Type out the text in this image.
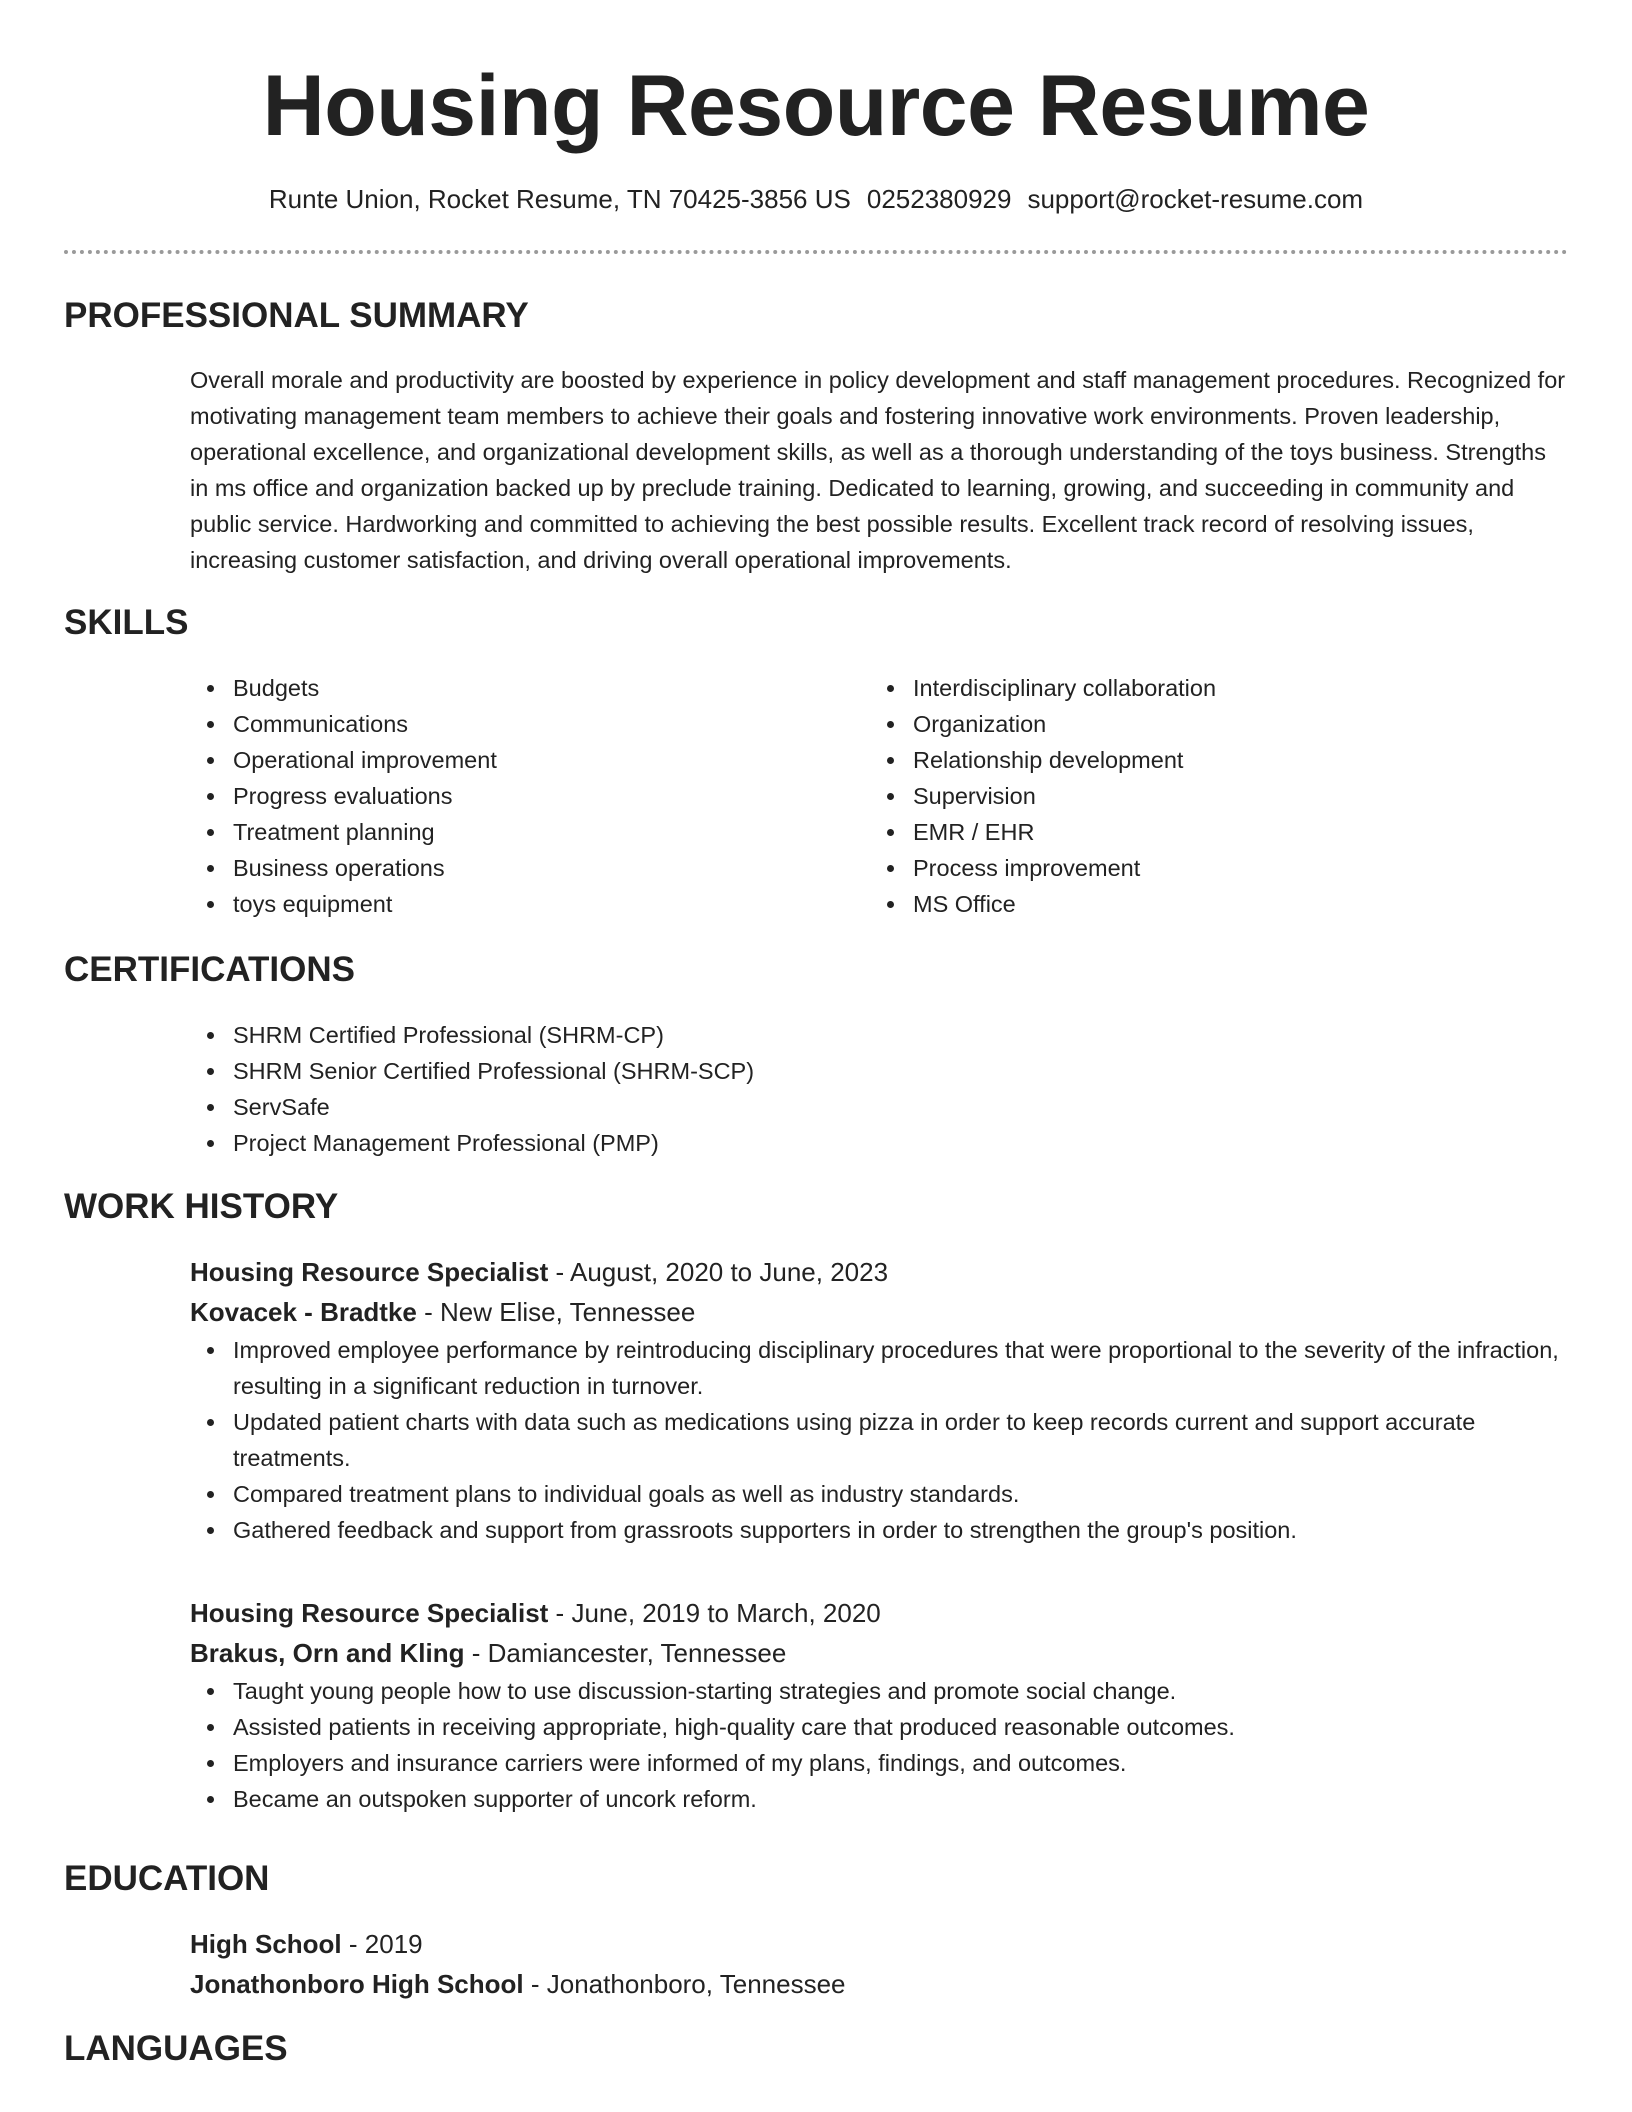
Housing Resource Resume
Runte Union, Rocket Resume, TN 70425-3856 US 0252380929 support@rocket-resume.com
PROFESSIONAL SUMMARY

Overall morale and productivity are boosted by experience in policy development and staff management procedures. Recognized for motivating management team members to achieve their goals and fostering innovative work environments. Proven leadership, operational excellence, and organizational development skills, as well as a thorough understanding of the toys business. Strengths in ms office and organization backed up by preclude training. Dedicated to learning, growing, and succeeding in community and public service. Hardworking and committed to achieving the best possible results. Excellent track record of resolving issues, increasing customer satisfaction, and driving overall operational improvements.

SKILLS
Budgets
Communications
Operational improvement
Progress evaluations
Treatment planning
Business operations
toys equipment
Interdisciplinary collaboration
Organization
Relationship development
Supervision
EMR / EHR
Process improvement
MS Office
CERTIFICATIONS
SHRM Certified Professional (SHRM-CP)
SHRM Senior Certified Professional (SHRM-SCP)
ServSafe
Project Management Professional (PMP)
WORK HISTORY
Housing Resource Specialist - August, 2020 to June, 2023
Kovacek - Bradtke - New Elise, Tennessee
Improved employee performance by reintroducing disciplinary procedures that were proportional to the severity of the infraction, resulting in a significant reduction in turnover.
Updated patient charts with data such as medications using pizza in order to keep records current and support accurate treatments.
Compared treatment plans to individual goals as well as industry standards.
Gathered feedback and support from grassroots supporters in order to strengthen the group's position.
Housing Resource Specialist - June, 2019 to March, 2020
Brakus, Orn and Kling - Damiancester, Tennessee
Taught young people how to use discussion-starting strategies and promote social change.
Assisted patients in receiving appropriate, high-quality care that produced reasonable outcomes.
Employers and insurance carriers were informed of my plans, findings, and outcomes.
Became an outspoken supporter of uncork reform.
EDUCATION
High School - 2019
Jonathonboro High School - Jonathonboro, Tennessee
LANGUAGES
